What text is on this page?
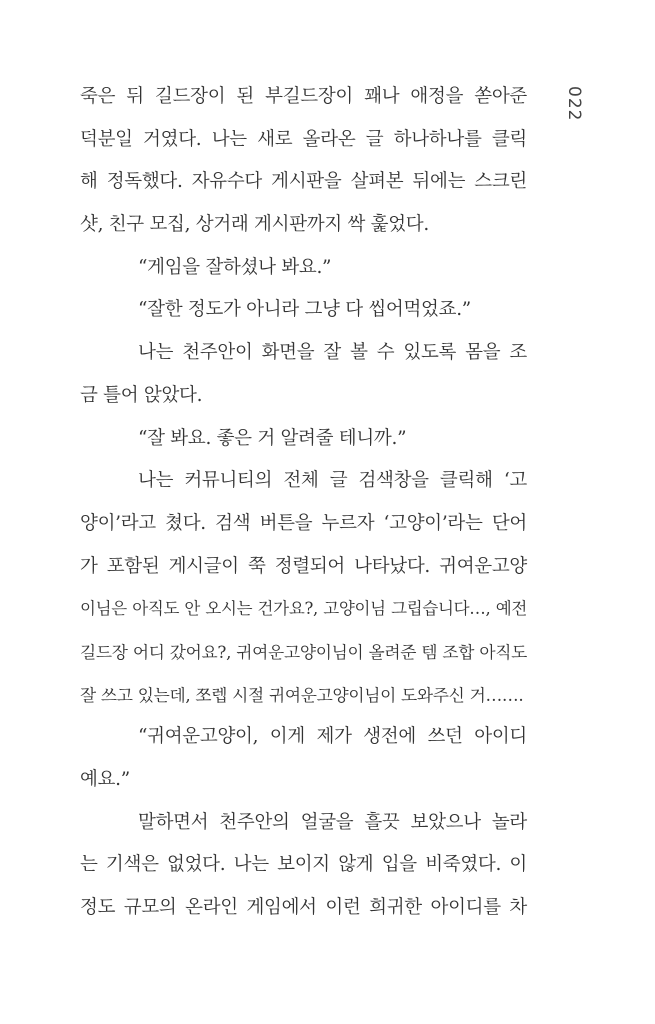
죽은 뒤 길드장이 된 부길드장이 꽤나 애정을 쏟아준
덕분일 거였다. 나는 새로 올라온 글 하나하나를 클릭
해 정독했다. 자유수다 게시판을 살펴본 뒤에는 스크린
샷, 친구 모집, 상거래 게시판까지 싹 훑었다.
“게임을 잘하셨나 봐요.”
“잘한 정도가 아니라 그냥 다 씹어먹었죠.”
나는 천주안이 화면을 잘 볼 수 있도록 몸을 조
금 틀어 앉았다.
“잘 봐요. 좋은 거 알려줄 테니까.”
나는 커뮤니티의 전체 글 검색창을 클릭해 ‘고
양이’라고 쳤다. 검색 버튼을 누르자 ‘고양이’라는 단어
가 포함된 게시글이 쭉 정렬되어 나타났다. 귀여운고양
이님은 아직도 안 오시는 건가요?, 고양이님 그립습니다…, 예전
길드장 어디 갔어요?, 귀여운고양이님이 올려준 템 조합 아직도
잘 쓰고 있는데, 쪼렙 시절 귀여운고양이님이 도와주신 거…….
“귀여운고양이, 이게 제가 생전에 쓰던 아이디
예요.”
말하면서 천주안의 얼굴을 흘끗 보았으나 놀라
는 기색은 없었다. 나는 보이지 않게 입을 비죽였다. 이
정도 규모의 온라인 게임에서 이런 희귀한 아이디를 차
022
